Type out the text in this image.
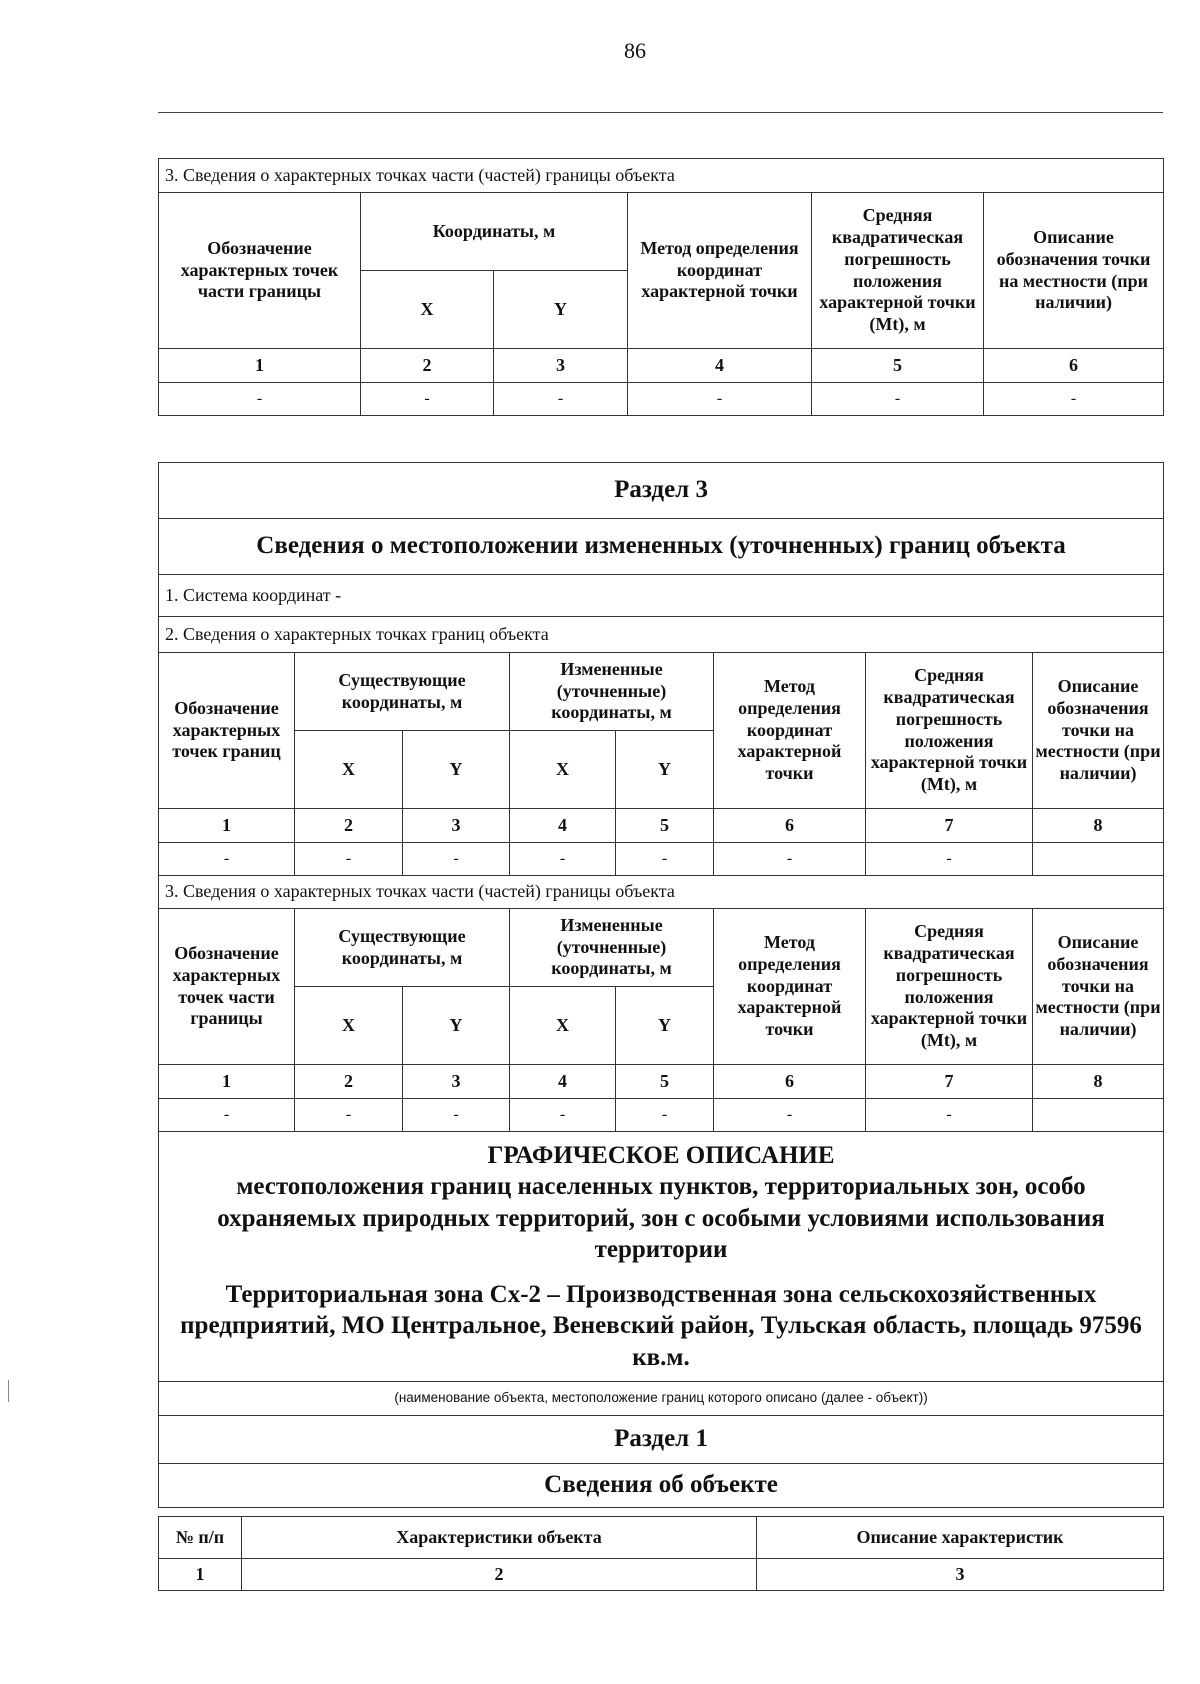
86
3. Сведения о характерных точках части (частей) границы объекта					
Обозначение характерных точек части границы	Координаты, м		Метод определения координат характерной точки	Средняя квадратическая погрешность положения характерной точки (Mt), м	Описание обозначения точки на местности (при наличии)
	X	Y			
1	2	3	4	5	6
-	-	-	-	-	-
Раздел 3							
Сведения о местоположении измененных (уточненных) границ объекта							
1. Система координат -							
2. Сведения о характерных точках границ объекта							
Обозначение характерных точек границ	Существующие координаты, м		Измененные (уточненные) координаты, м		Метод определения координат характерной точки	Средняя квадратическая погрешность положения характерной точки (Mt), м	Описание обозначения точки на местности (при наличии)
	X	Y	X	Y			
1	2	3	4	5	6	7	8
-	-	-	-	-	-	-	
3. Сведения о характерных точках части (частей) границы объекта							
Обозначение характерных точек части границы	Существующие координаты, м		Измененные (уточненные) координаты, м		Метод определения координат характерной точки	Средняя квадратическая погрешность положения характерной точки (Mt), м	Описание обозначения точки на местности (при наличии)
	X	Y	X	Y			
1	2	3	4	5	6	7	8
-	-	-	-	-	-	-	

ГРАФИЧЕСКОЕ ОПИСАНИЕ
местоположения границ населенных пунктов, территориальных зон, особо охраняемых природных территорий, зон с особыми условиями использования территории
Территориальная зона Сх-2 – Производственная зона сельскохозяйственных предприятий, МО Центральное, Веневский район, Тульская область, площадь 97596 кв.м.							

(наименование объекта, местоположение границ которого описано (далее - объект))							
Раздел 1							
Сведения об объекте							
№ п/п	Характеристики объекта	Описание характеристик
1	2	3
